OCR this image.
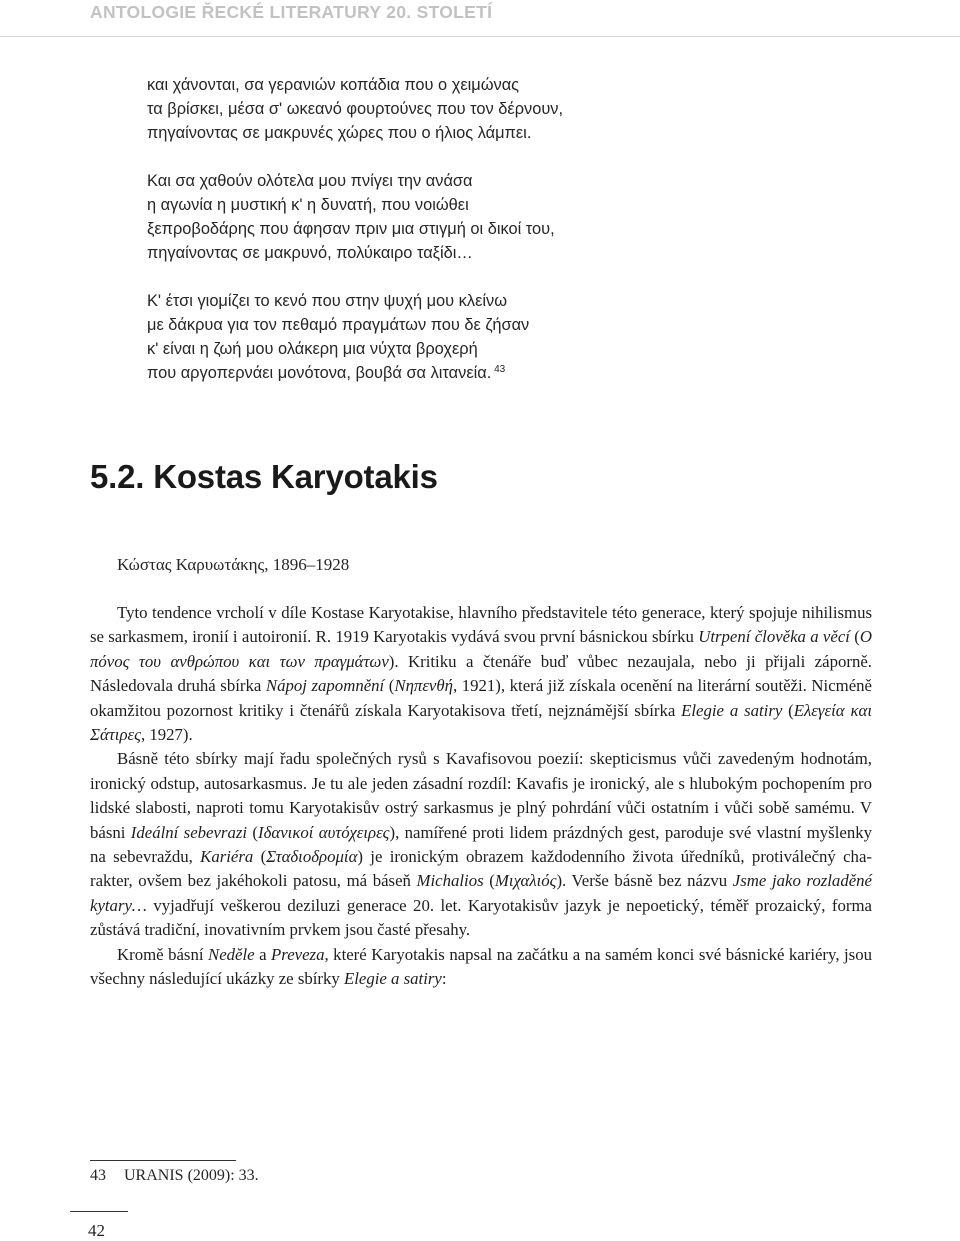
ANTOLOGIE ŘECKÉ LITERATURY 20. STOLETÍ
και χάνονται, σα γερανιών κοπάδια που ο χειμώνας
τα βρίσκει, μέσα σ' ωκεανό φουρτούνες που τον δέρνουν,
πηγαίνοντας σε μακρυνές χώρες που ο ήλιος λάμπει.
Και σα χαθούν ολότελα μου πνίγει την ανάσα
η αγωνία η μυστική κ' η δυνατή, που νοιώθει
ξεπροβοδάρης που άφησαν πριν μια στιγμή οι δικοί του,
πηγαίνοντας σε μακρυνό, πολύκαιρο ταξίδι…
Κ' έτσι γιομίζει το κενό που στην ψυχή μου κλείνω
με δάκρυα για τον πεθαμό πραγμάτων που δε ζήσαν
κ' είναι η ζωή μου ολάκερη μια νύχτα βροχερή
που αργοπερνάει μονότονα, βουβά σα λιτανεία. $^{43}$
5.2. Kostas Karyotakis
Κώστας Καρυωτάκης, 1896–1928

Tyto tendence vrcholí v díle Kostase Karyotakise, hlavního představitele této generace, který spojuje nihilismus se sarkasmem, ironií i autoironií. R. 1919 Karyotakis vydává svou první básnickou sbírku Utrpení člověka a věcí (Ο πόνος του ανθρώπου και των πραγμάτων). Kritiku a čtenáře buď vůbec nezaujala, nebo ji přijali záporně. Následovala druhá sbírka Nápoj zapomnění (Νηπενθή, 1921), která již získala ocenění na literární soutěži. Nicméně okamžitou pozornost kritiky i čtenářů získala Karyotakisova třetí, nejznámější sbírka Elegie a satiry (Ελεγεία και Σάτιρες, 1927).

Básně této sbírky mají řadu společných rysů s Kavafisovou poezií: skepticismus vůči zavedeným hodnotám, ironický odstup, autosarkasmus. Je tu ale jeden zásadní rozdíl: Kavafis je ironický, ale s hlubokým pochopením pro lidské slabosti, naproti tomu Karyotakisův ostrý sarkasmus je plný pohrdání vůči ostatním i vůči sobě samému. V básni Ideální sebevrazi (Ιδανικοί αυτόχειρες), namířené proti lidem prázdných gest, paroduje své vlastní myšlenky na sebevraždu, Kariéra (Σταδιοδρομία) je ironickým obrazem každodenního života úředníků, protiválečný charakter, ovšem bez jakéhokoli patosu, má báseň Michalios (Μιχαλιός). Verše básně bez názvu Jsme jako rozladěné kytary… vyjadřují veškerou deziluzi generace 20. let. Karyotakisův jazyk je nepoetický, téměř prozaický, forma zůstává tradiční, inovativním prvkem jsou časté přesahy.

Kromě básní Neděle a Preveza, které Karyotakis napsal na začátku a na samém konci své básnické kariéry, jsou všechny následující ukázky ze sbírky Elegie a satiry:

43 URANIS (2009): 33.
42
